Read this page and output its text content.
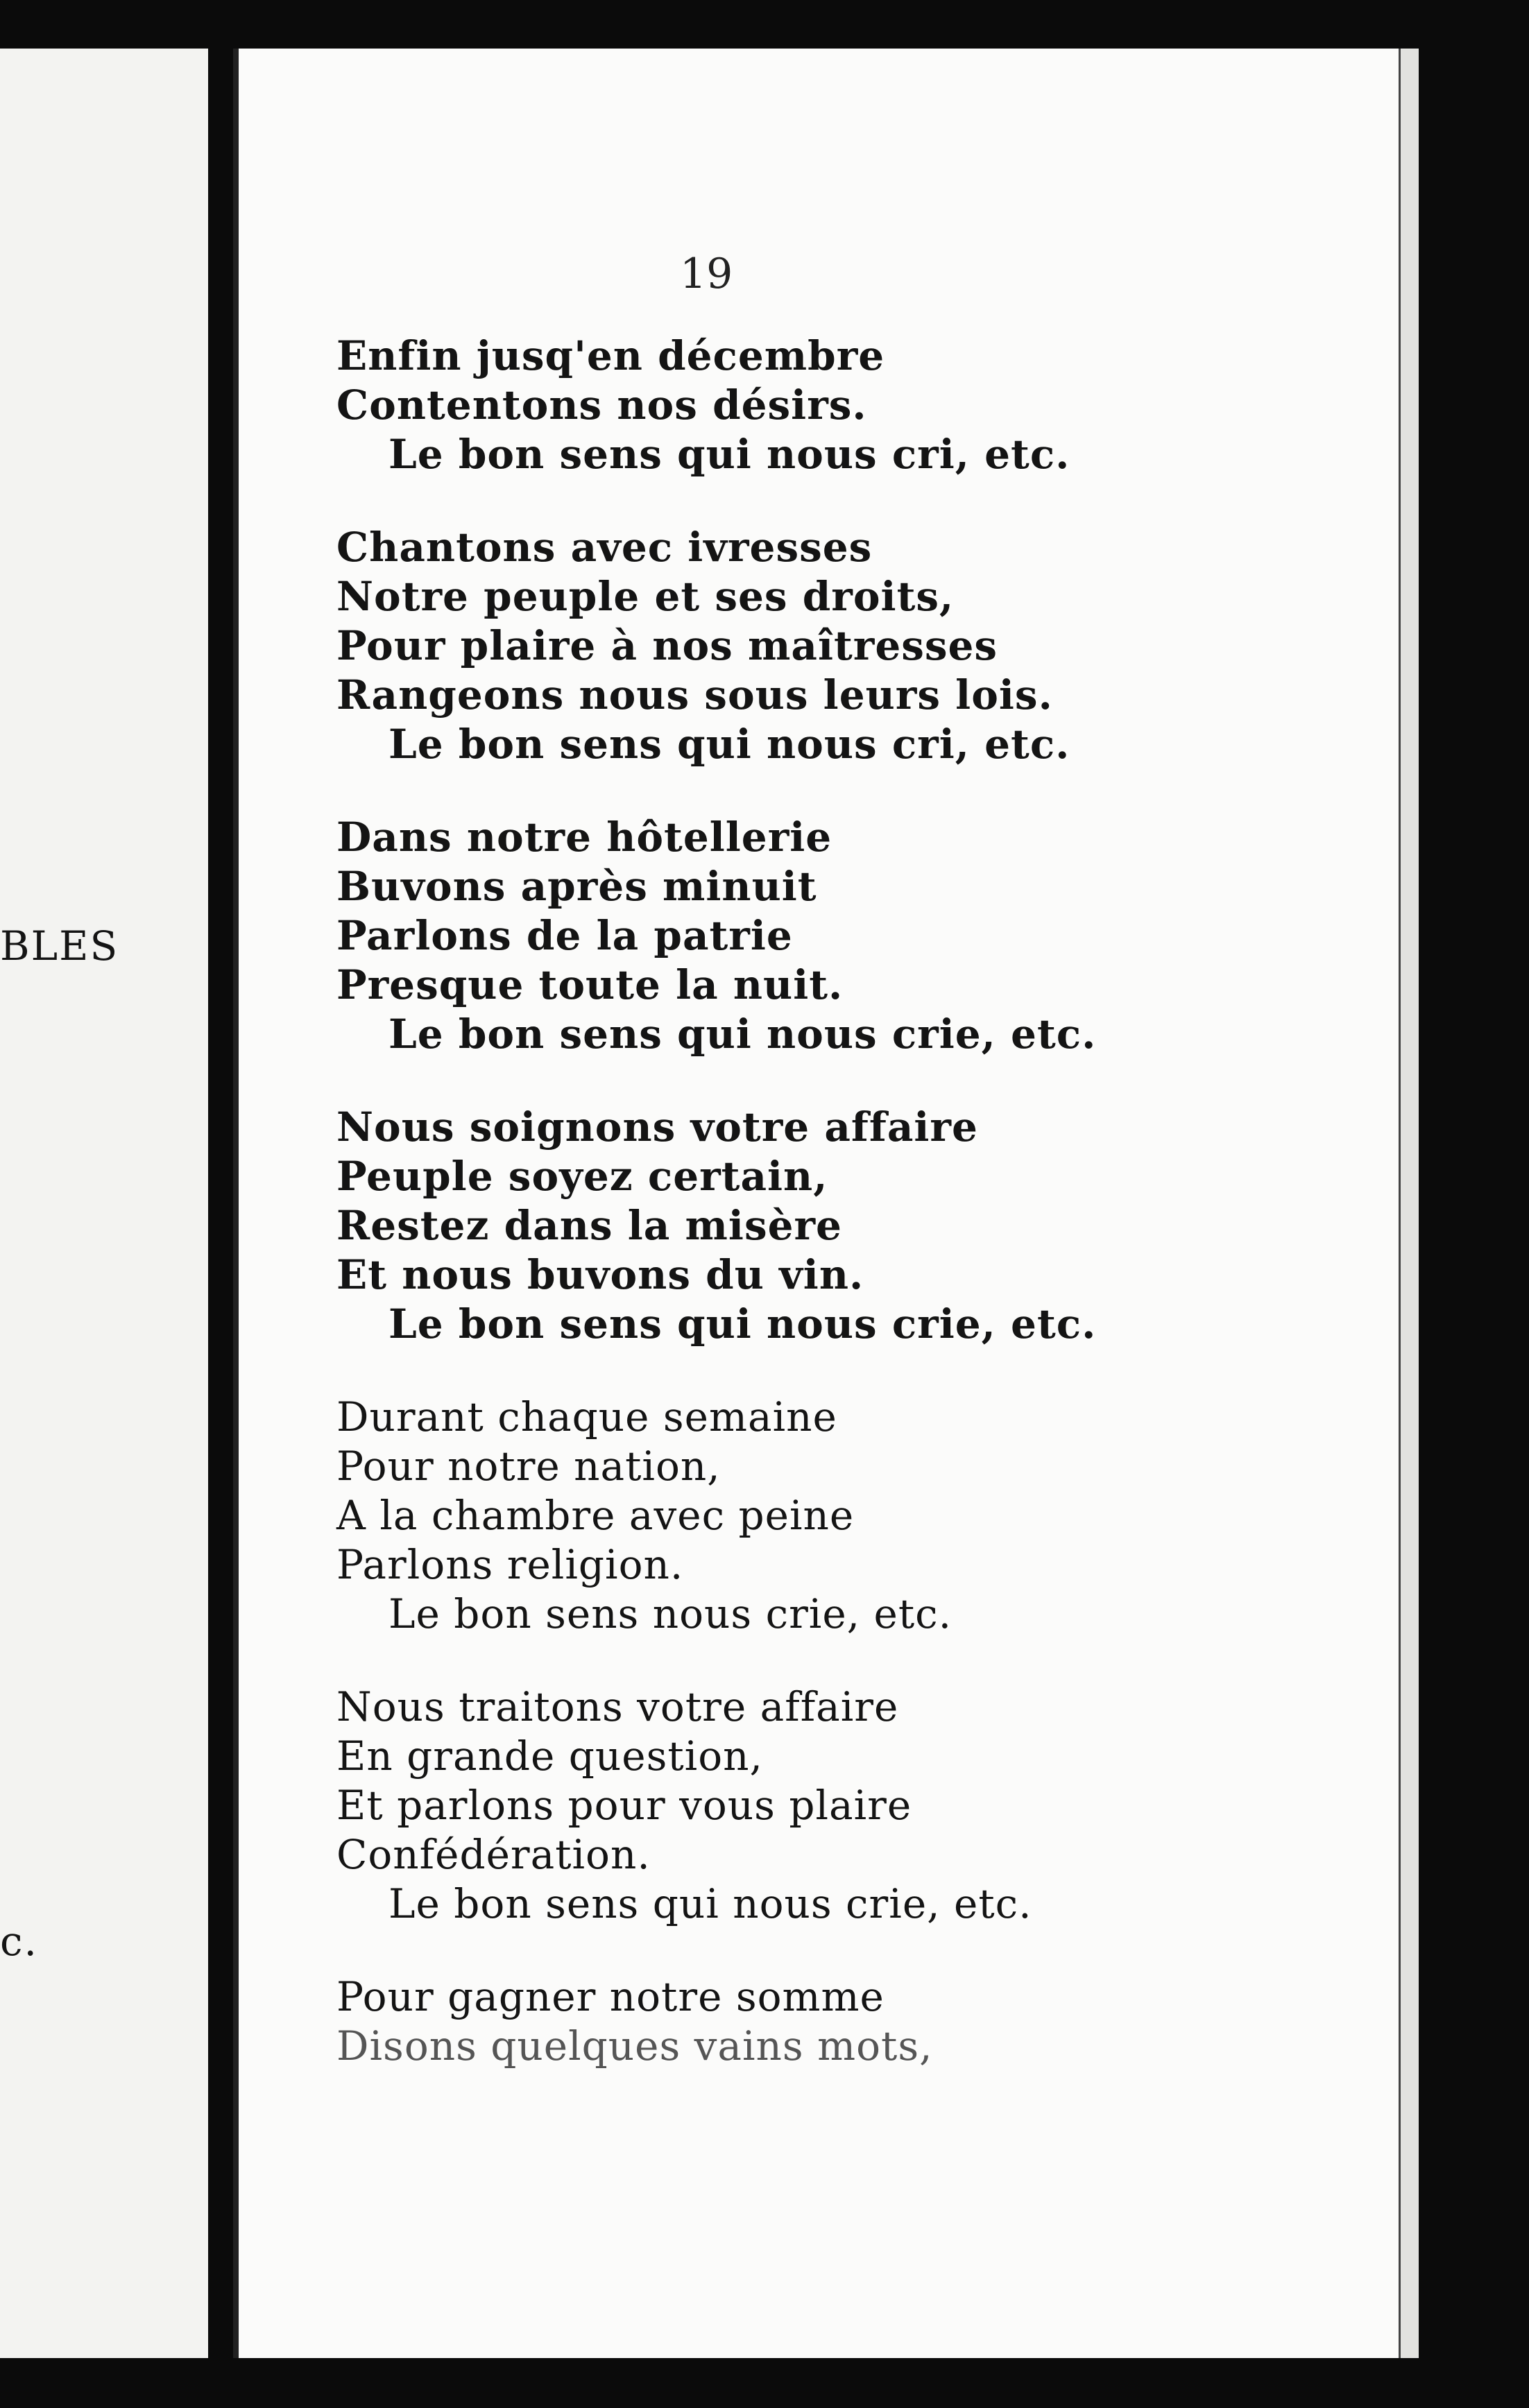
BLES
c.
19
Enfin jusq'en décembre
Contentons nos désirs.
Le bon sens qui nous cri, etc.
Chantons avec ivresses
Notre peuple et ses droits,
Pour plaire à nos maîtresses
Rangeons nous sous leurs lois.
Le bon sens qui nous cri, etc.
Dans notre hôtellerie
Buvons après minuit
Parlons de la patrie
Presque toute la nuit.
Le bon sens qui nous crie, etc.
Nous soignons votre affaire
Peuple soyez certain,
Restez dans la misère
Et nous buvons du vin.
Le bon sens qui nous crie, etc.
Durant chaque semaine
Pour notre nation,
A la chambre avec peine
Parlons religion.
Le bon sens nous crie, etc.
Nous traitons votre affaire
En grande question,
Et parlons pour vous plaire
Confédération.
Le bon sens qui nous crie, etc.
Pour gagner notre somme
Disons quelques vains mots,
